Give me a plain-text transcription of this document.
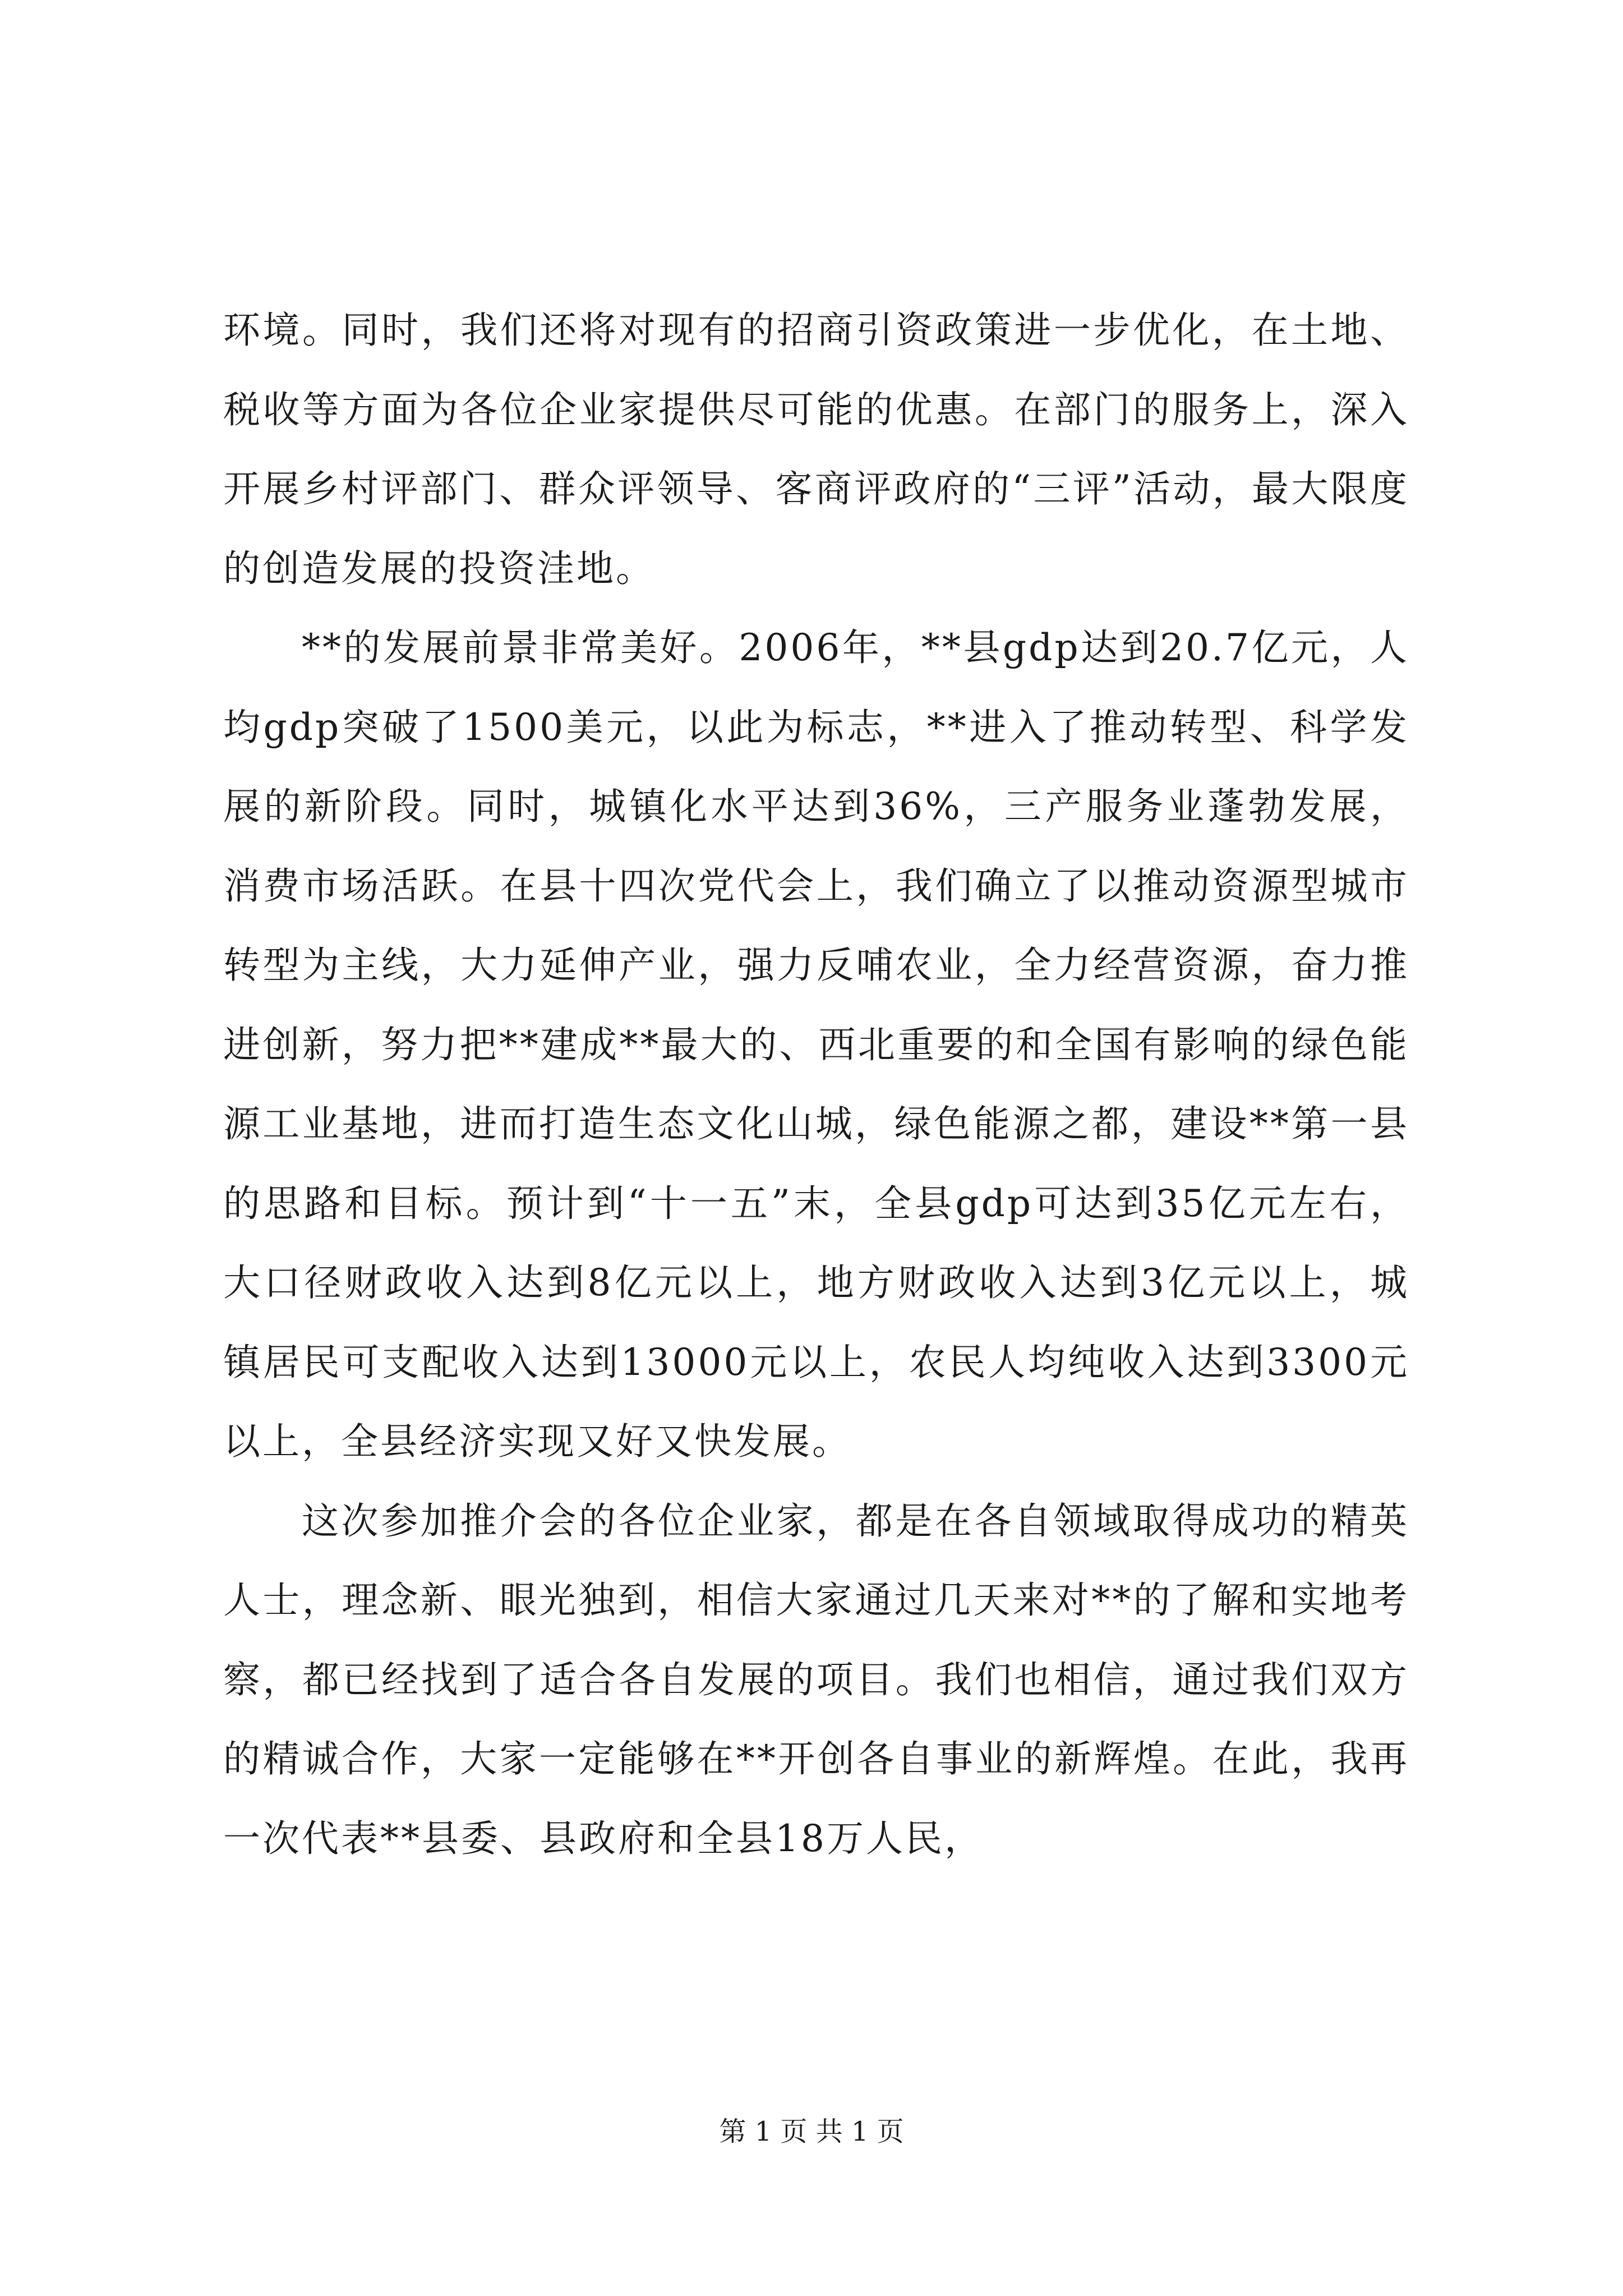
环境。同时，我们还将对现有的招商引资政策进一步优化，在土地、税收等方面为各位企业家提供尽可能的优惠。在部门的服务上，深入开展乡村评部门、群众评领导、客商评政府的“三评”活动，最大限度的创造发展的投资洼地。

**的发展前景非常美好。2006年，**县gdp达到20.7亿元，人均gdp突破了1500美元，以此为标志，**进入了推动转型、科学发展的新阶段。同时，城镇化水平达到36%，三产服务业蓬勃发展，消费市场活跃。在县十四次党代会上，我们确立了以推动资源型城市转型为主线，大力延伸产业，强力反哺农业，全力经营资源，奋力推进创新，努力把**建成**最大的、西北重要的和全国有影响的绿色能源工业基地，进而打造生态文化山城，绿色能源之都，建设**第一县的思路和目标。预计到“十一五”末，全县gdp可达到35亿元左右，大口径财政收入达到8亿元以上，地方财政收入达到3亿元以上，城镇居民可支配收入达到13000元以上，农民人均纯收入达到3300元以上，全县经济实现又好又快发展。

这次参加推介会的各位企业家，都是在各自领域取得成功的精英人士，理念新、眼光独到，相信大家通过几天来对**的了解和实地考察，都已经找到了适合各自发展的项目。我们也相信，通过我们双方的精诚合作，大家一定能够在**开创各自事业的新辉煌。在此，我再一次代表**县委、县政府和全县18万人民，

第 1 页 共 1 页
